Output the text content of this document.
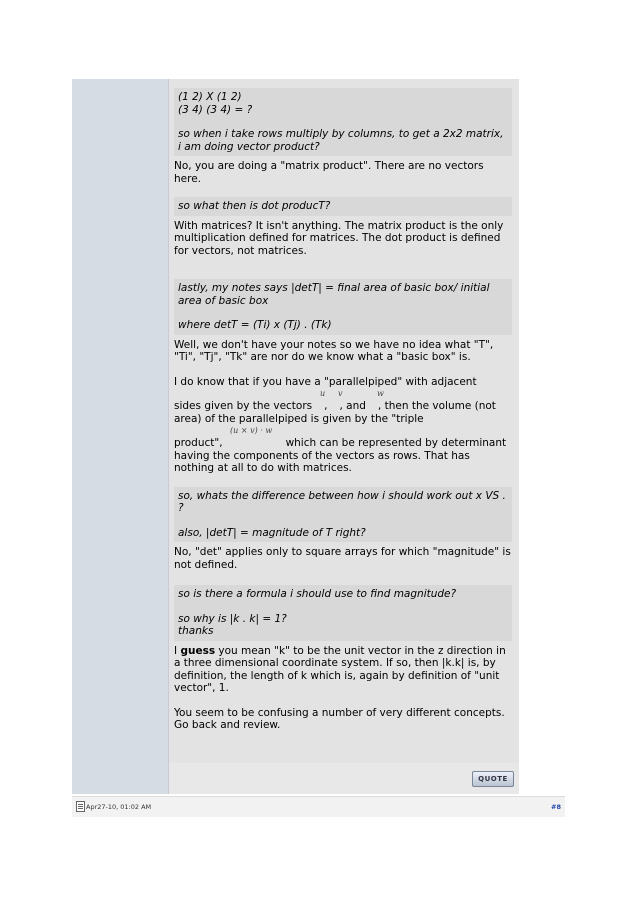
(1 2) X (1 2)
(3 4) (3 4) = ?

so when i take rows multiply by columns, to get a 2x2 matrix, i am doing vector product?

No, you are doing a "matrix product". There are no vectors here.

so what then is dot producT?

With matrices? It isn't anything. The matrix product is the only multiplication defined for matrices. The dot product is defined for vectors, not matrices.

lastly, my notes says |detT| = final area of basic box/ initial area of basic box

where detT = (Ti) x (Tj) . (Tk)

Well, we don't have your notes so we have no idea what "T", "Ti", "Tj", "Tk" are nor do we know what a "basic box" is.

I do know that if you have a "parallelpiped" with adjacent
u v	w
sides given by the vectors , , and , then the volume (not
area) of the parallelpiped is given by the "triple
(u × v) · w
product",	which can be represented by determinant
having the components of the vectors as rows. That has nothing at all to do with matrices.

so, whats the difference between how i should work out x VS . ?

also, |detT| = magnitude of T right?

No, "det" applies only to square arrays for which "magnitude" is not defined.

so is there a formula i should use to find magnitude?

so why is |k . k| = 1?
thanks

I guess you mean "k" to be the unit vector in the z direction in a three dimensional coordinate system. If so, then |k.k| is, by definition, the length of k which is, again by definition of "unit vector", 1.

You seem to be confusing a number of very different concepts. Go back and review.

QUOTE
Apr27-10, 01:02 AM	#8
